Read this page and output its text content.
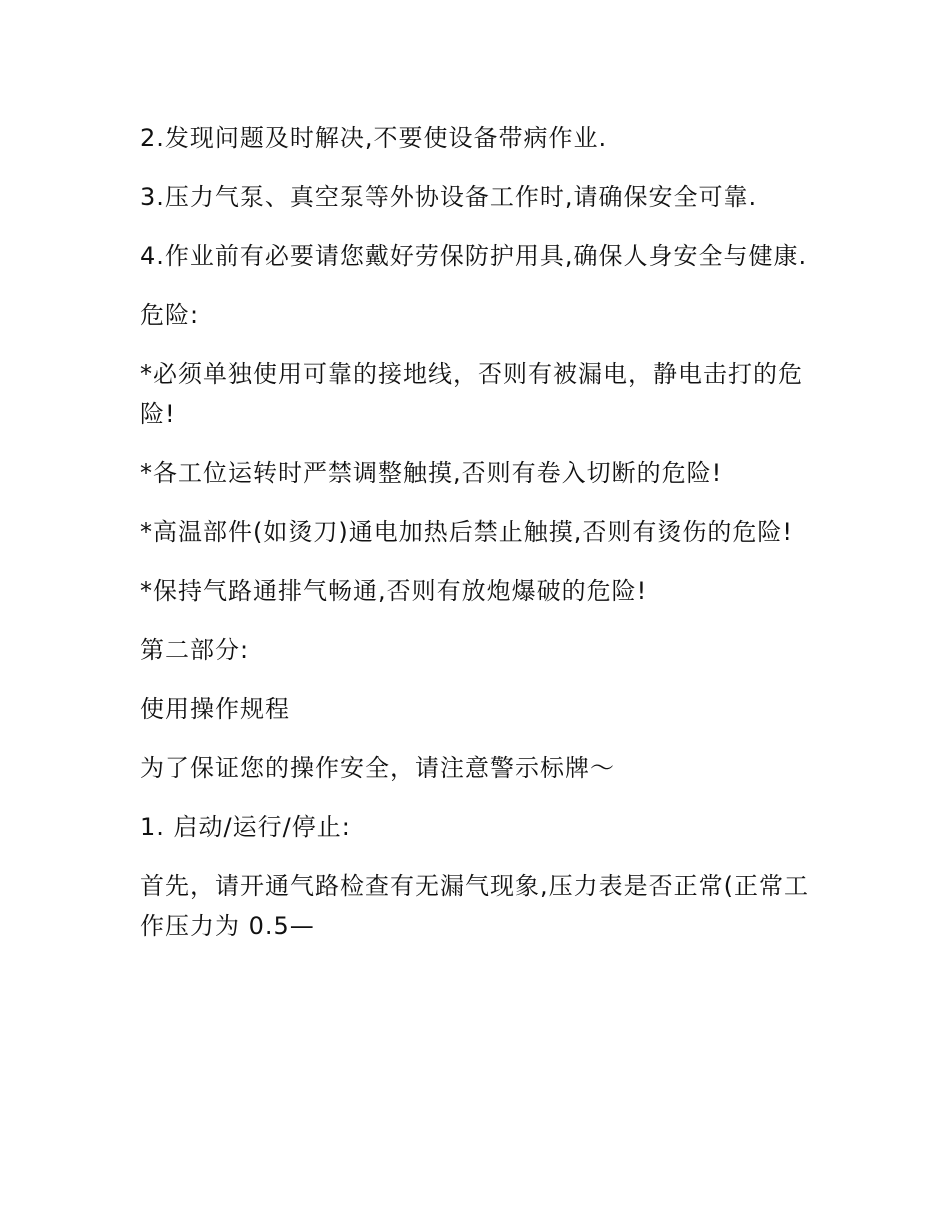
2.发现问题及时解决,不要使设备带病作业.

3.压力气泵、真空泵等外协设备工作时,请确保安全可靠.

4.作业前有必要请您戴好劳保防护用具,确保人身安全与健康.

危险:

*必须单独使用可靠的接地线，否则有被漏电，静电击打的危险!

*各工位运转时严禁调整触摸,否则有卷入切断的危险!

*高温部件(如烫刀)通电加热后禁止触摸,否则有烫伤的危险!

*保持气路通排气畅通,否则有放炮爆破的危险!

第二部分:

使用操作规程

为了保证您的操作安全，请注意警示标牌～

1. 启动/运行/停止:

首先，请开通气路检查有无漏气现象,压力表是否正常(正常工作压力为 0.5—
